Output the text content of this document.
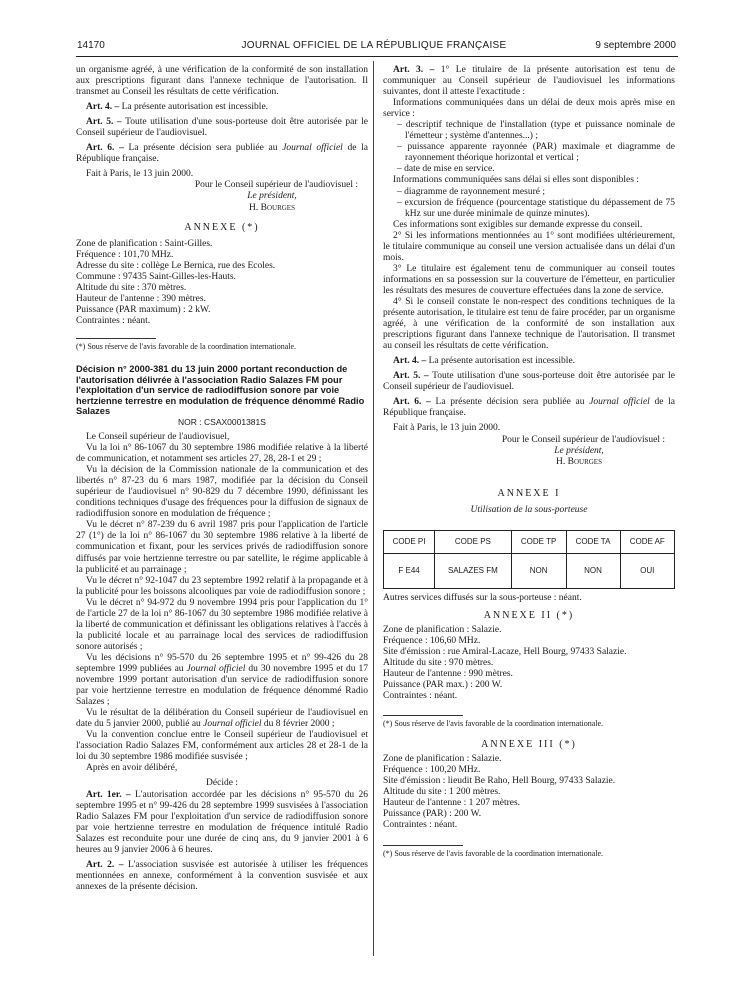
14170	JOURNAL OFFICIEL DE LA RÉPUBLIQUE FRANÇAISE	9 septembre 2000

un organisme agréé, à une vérification de la conformité de son installation aux prescriptions figurant dans l'annexe technique de l'autorisation. Il transmet au Conseil les résultats de cette vérification.

Art. 4. – La présente autorisation est incessible.

Art. 5. – Toute utilisation d'une sous-porteuse doit être autorisée par le Conseil supérieur de l'audiovisuel.

Art. 6. – La présente décision sera publiée au Journal officiel de la République française.

Fait à Paris, le 13 juin 2000.

Pour le Conseil supérieur de l'audiovisuel :

Le président,

H. Bourges

ANNEXE (*)

Zone de planification : Saint-Gilles.

Fréquence : 101,70 MHz.

Adresse du site : collège Le Bernica, rue des Ecoles.

Commune : 97435 Saint-Gilles-les-Hauts.

Altitude du site : 370 mètres.

Hauteur de l'antenne : 390 mètres.

Puissance (PAR maximum) : 2 kW.

Contraintes : néant.

(*) Sous réserve de l'avis favorable de la coordination internationale.

Décision n° 2000-381 du 13 juin 2000 portant reconduction de l'autorisation délivrée à l'association Radio Salazes FM pour l'exploitation d'un service de radiodiffusion sonore par voie hertzienne terrestre en modulation de fréquence dénommé Radio Salazes

NOR : CSAX0001381S

Le Conseil supérieur de l'audiovisuel,

Vu la loi n° 86-1067 du 30 septembre 1986 modifiée relative à la liberté de communication, et notamment ses articles 27, 28, 28-1 et 29 ;

Vu la décision de la Commission nationale de la communication et des libertés n° 87-23 du 6 mars 1987, modifiée par la décision du Conseil supérieur de l'audiovisuel n° 90-829 du 7 décembre 1990, définissant les conditions techniques d'usage des fréquences pour la diffusion de signaux de radiodiffusion sonore en modulation de fréquence ;

Vu le décret n° 87-239 du 6 avril 1987 pris pour l'application de l'article 27 (1°) de la loi n° 86-1067 du 30 septembre 1986 relative à la liberté de communication et fixant, pour les services privés de radiodiffusion sonore diffusés par voie hertzienne terrestre ou par satellite, le régime applicable à la publicité et au parrainage ;

Vu le décret n° 92-1047 du 23 septembre 1992 relatif à la propagande et à la publicité pour les boissons alcooliques par voie de radiodiffusion sonore ;

Vu le décret n° 94-972 du 9 novembre 1994 pris pour l'application du 1° de l'article 27 de la loi n° 86-1067 du 30 septembre 1986 modifiée relative à la liberté de communication et définissant les obligations relatives à l'accès à la publicité locale et au parrainage local des services de radiodiffusion sonore autorisés ;

Vu les décisions n° 95-570 du 26 septembre 1995 et n° 99-426 du 28 septembre 1999 publiées au Journal officiel du 30 novembre 1995 et du 17 novembre 1999 portant autorisation d'un service de radiodiffusion sonore par voie hertzienne terrestre en modulation de fréquence dénommé Radio Salazes ;

Vu le résultat de la délibération du Conseil supérieur de l'audiovisuel en date du 5 janvier 2000, publié au Journal officiel du 8 février 2000 ;

Vu la convention conclue entre le Conseil supérieur de l'audiovisuel et l'association Radio Salazes FM, conformément aux articles 28 et 28-1 de la loi du 30 septembre 1986 modifiée susvisée ;

Après en avoir délibéré,

Décide :

Art. 1er. – L'autorisation accordée par les décisions n° 95-570 du 26 septembre 1995 et n° 99-426 du 28 septembre 1999 susvisées à l'association Radio Salazes FM pour l'exploitation d'un service de radiodiffusion sonore par voie hertzienne terrestre en modulation de fréquence intitulé Radio Salazes est reconduite pour une durée de cinq ans, du 9 janvier 2001 à 6 heures au 9 janvier 2006 à 6 heures.

Art. 2. – L'association susvisée est autorisée à utiliser les fréquences mentionnées en annexe, conformément à la convention susvisée et aux annexes de la présente décision.

Art. 3. – 1° Le titulaire de la présente autorisation est tenu de communiquer au Conseil supérieur de l'audiovisuel les informations suivantes, dont il atteste l'exactitude :

Informations communiquées dans un délai de deux mois après mise en service :

– descriptif technique de l'installation (type et puissance nominale de l'émetteur ; système d'antennes...) ;
– puissance apparente rayonnée (PAR) maximale et diagramme de rayonnement théorique horizontal et vertical ;
– date de mise en service.

Informations communiquées sans délai si elles sont disponibles :

– diagramme de rayonnement mesuré ;
– excursion de fréquence (pourcentage statistique du dépassement de 75 kHz sur une durée minimale de quinze minutes).

Ces informations sont exigibles sur demande expresse du conseil.

2° Si les informations mentionnées au 1° sont modifiées ultérieurement, le titulaire communique au conseil une version actualisée dans un délai d'un mois.

3° Le titulaire est également tenu de communiquer au conseil toutes informations en sa possession sur la couverture de l'émetteur, en particulier les résultats des mesures de couverture effectuées dans la zone de service.

4° Si le conseil constate le non-respect des conditions techniques de la présente autorisation, le titulaire est tenu de faire procéder, par un organisme agréé, à une vérification de la conformité de son installation aux prescriptions figurant dans l'annexe technique de l'autorisation. Il transmet au conseil les résultats de cette vérification.

Art. 4. – La présente autorisation est incessible.

Art. 5. – Toute utilisation d'une sous-porteuse doit être autorisée par le Conseil supérieur de l'audiovisuel.

Art. 6. – La présente décision sera publiée au Journal officiel de la République française.

Fait à Paris, le 13 juin 2000.

Pour le Conseil supérieur de l'audiovisuel :

Le président,

H. Bourges

ANNEXE I

Utilisation de la sous-porteuse

CODE PI	CODE PS	CODE TP	CODE TA	CODE AF
F E44	SALAZES FM	NON	NON	OUI

Autres services diffusés sur la sous-porteuse : néant.

ANNEXE II (*)

Zone de planification : Salazie.

Fréquence : 106,60 MHz.

Site d'émission : rue Amiral-Lacaze, Hell Bourg, 97433 Salazie.

Altitude du site : 970 mètres.

Hauteur de l'antenne : 990 mètres.

Puissance (PAR max.) : 200 W.

Contraintes : néant.

(*) Sous réserve de l'avis favorable de la coordination internationale.

ANNEXE III (*)

Zone de planification : Salazie.

Fréquence : 100,20 MHz.

Site d'émission : lieudit Be Raho, Hell Bourg, 97433 Salazie.

Altitude du site : 1 200 mètres.

Hauteur de l'antenne : 1 207 mètres.

Puissance (PAR) : 200 W.

Contraintes : néant.

(*) Sous réserve de l'avis favorable de la coordination internationale.
